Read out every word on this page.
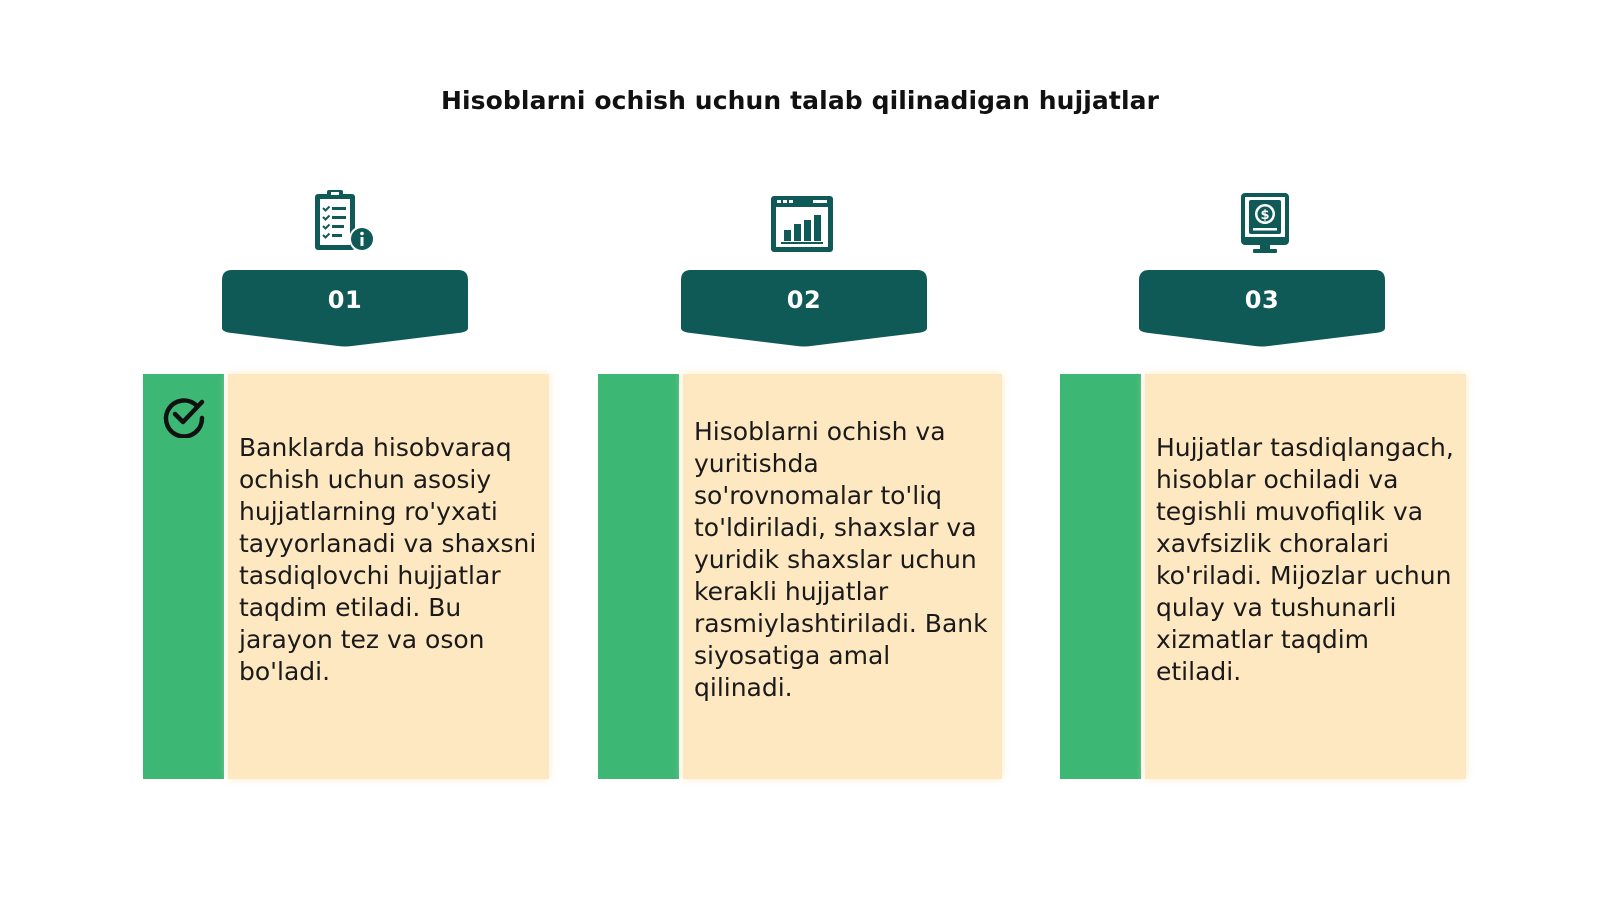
Hisoblarni ochish uchun talab qilinadigan hujjatlar
01
Banklarda hisobvaraq ochish uchun asosiy hujjatlarning ro'yxati tayyorlanadi va shaxsni tasdiqlovchi hujjatlar taqdim etiladi. Bu jarayon tez va oson bo'ladi.
02
Hisoblarni ochish va yuritishda so'rovnomalar to'liq to'ldiriladi, shaxslar va yuridik shaxslar uchun kerakli hujjatlar rasmiylashtiriladi. Bank siyosatiga amal qilinadi.
$
03
Hujjatlar tasdiqlangach, hisoblar ochiladi va tegishli muvofiqlik va xavfsizlik choralari ko'riladi. Mijozlar uchun qulay va tushunarli xizmatlar taqdim etiladi.
